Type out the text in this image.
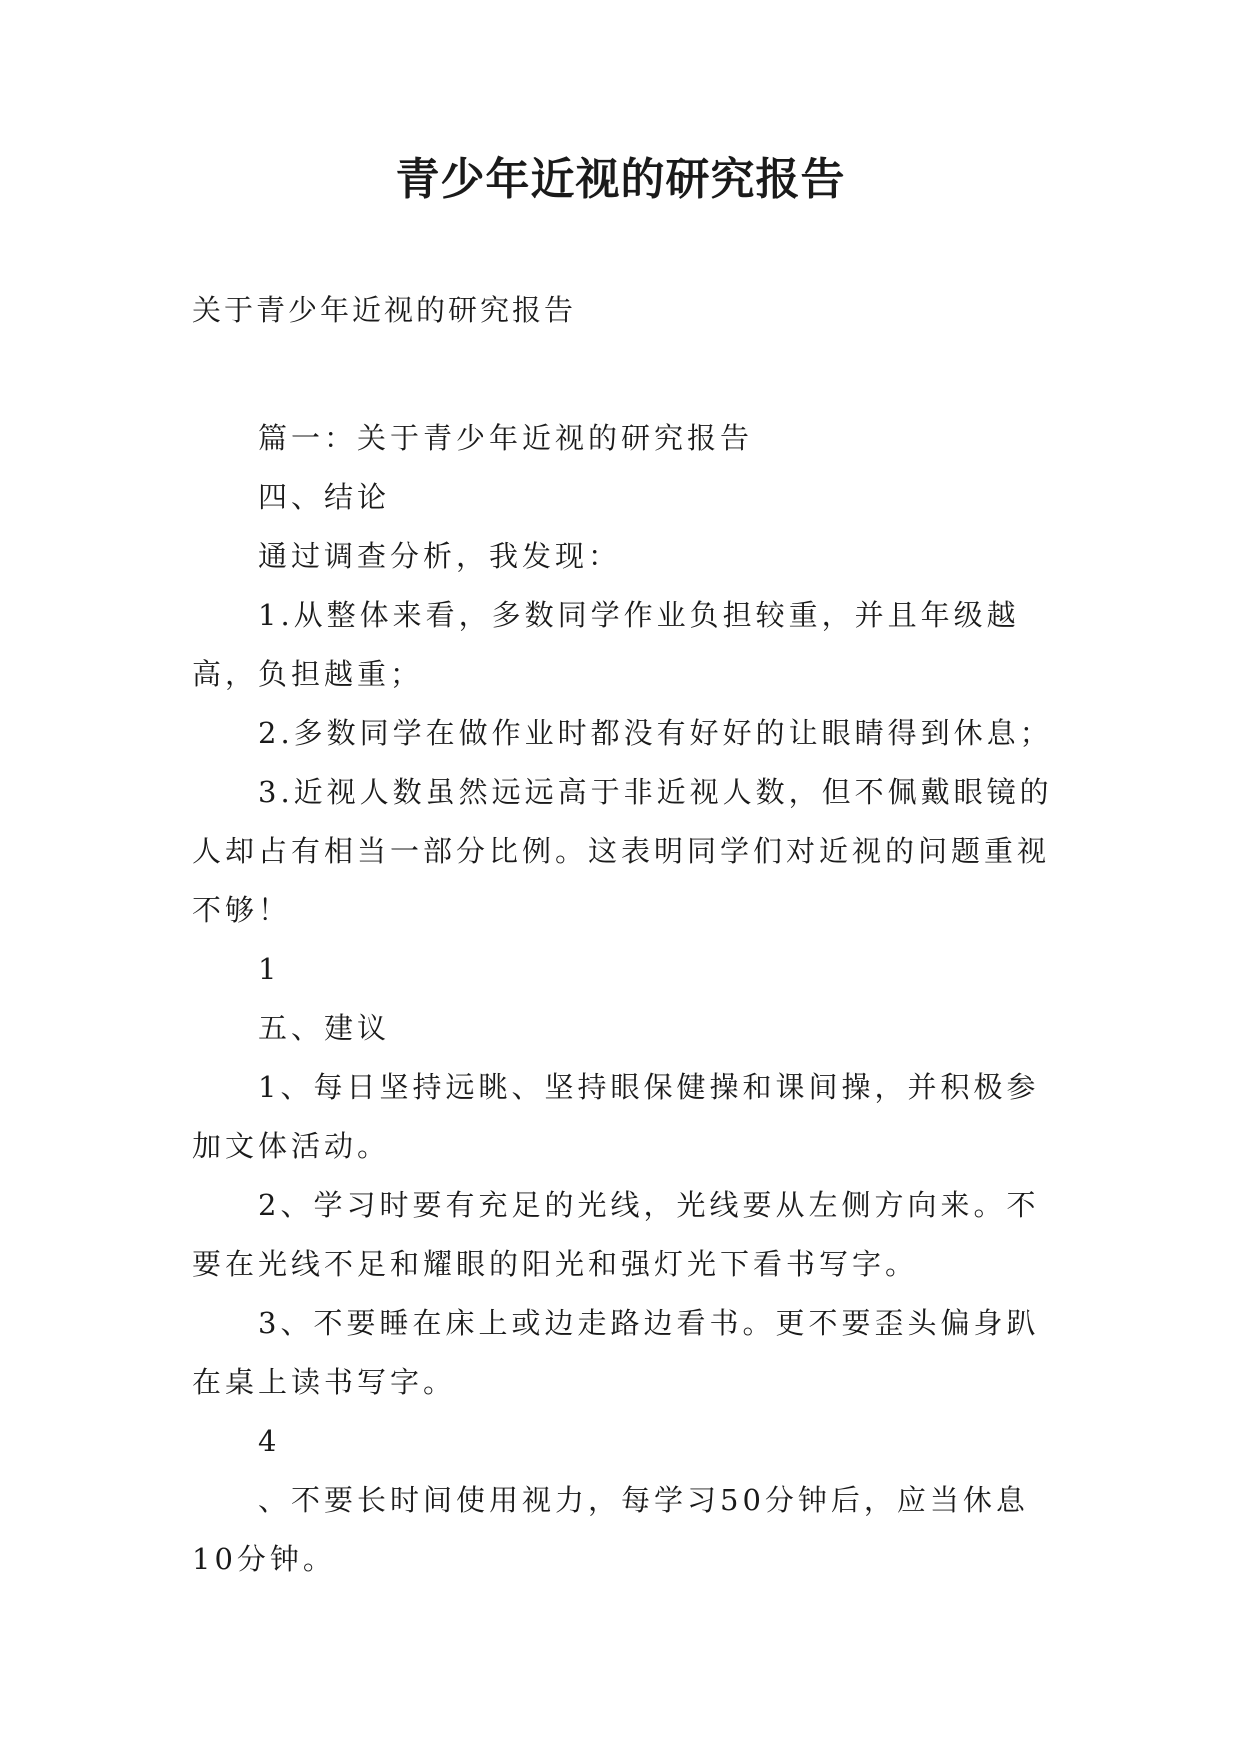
青少年近视的研究报告

关于青少年近视的研究报告

篇一：关于青少年近视的研究报告

四、结论

通过调查分析，我发现：

1.从整体来看，多数同学作业负担较重，并且年级越高，负担越重；

2.多数同学在做作业时都没有好好的让眼睛得到休息；

3.近视人数虽然远远高于非近视人数，但不佩戴眼镜的人却占有相当一部分比例。这表明同学们对近视的问题重视不够！

1

五、建议

1、每日坚持远眺、坚持眼保健操和课间操，并积极参加文体活动。

2、学习时要有充足的光线，光线要从左侧方向来。不要在光线不足和耀眼的阳光和强灯光下看书写字。

3、不要睡在床上或边走路边看书。更不要歪头偏身趴在桌上读书写字。

4

、不要长时间使用视力，每学习50分钟后，应当休息10分钟。
